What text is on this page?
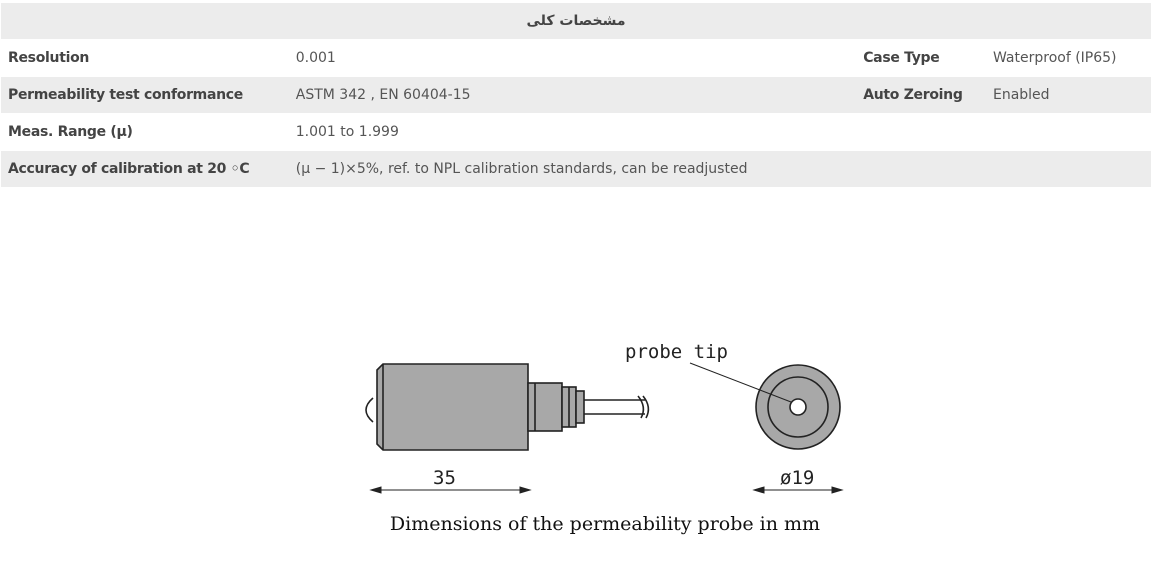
مشخصات کلی			
Resolution	0.001	Case Type	Waterproof (IP65)
Permeability test conformance	ASTM 342 , EN 60404-15	Auto Zeroing	Enabled
Meas. Range (μ)	1.001 to 1.999		
Accuracy of calibration at 20 ◦C	(μ − 1)×5%, ref. to NPL calibration standards, can be readjusted		
probe tip
35	ø19
Dimensions of the permeability probe in mm
